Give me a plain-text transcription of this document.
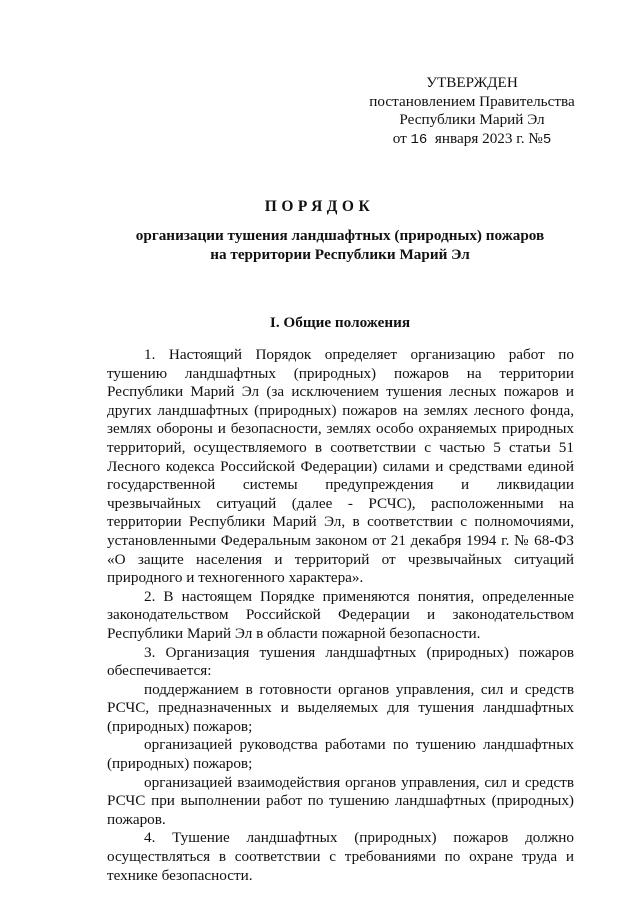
УТВЕРЖДЕН
постановлением Правительства
Республики Марий Эл
от 16 января 2023 г. №5
ПОРЯДОК
организации тушения ландшафтных (природных) пожаров
на территории Республики Марий Эл
I. Общие положения

1. Настоящий Порядок определяет организацию работ по тушению ландшафтных (природных) пожаров на территории Республики Марий Эл (за исключением тушения лесных пожаров и других ландшафтных (природных) пожаров на землях лесного фонда, землях обороны и безопасности, землях особо охраняемых природных территорий, осуществляемого в соответствии с частью 5 статьи 51 Лесного кодекса Российской Федерации) силами и средствами единой государственной системы предупреждения и ликвидации чрезвычайных ситуаций (далее - РСЧС), расположенными на территории Республики Марий Эл, в соответствии с полномочиями, установленными Федеральным законом от 21 декабря 1994 г. № 68-ФЗ «О защите населения и территорий от чрезвычайных ситуаций природного и техногенного характера».

2. В настоящем Порядке применяются понятия, определенные законодательством Российской Федерации и законодательством Республики Марий Эл в области пожарной безопасности.

3. Организация тушения ландшафтных (природных) пожаров обеспечивается:

поддержанием в готовности органов управления, сил и средств РСЧС, предназначенных и выделяемых для тушения ландшафтных (природных) пожаров;

организацией руководства работами по тушению ландшафтных (природных) пожаров;

организацией взаимодействия органов управления, сил и средств РСЧС при выполнении работ по тушению ландшафтных (природных) пожаров.

4. Тушение ландшафтных (природных) пожаров должно осуществляться в соответствии с требованиями по охране труда и технике безопасности.
